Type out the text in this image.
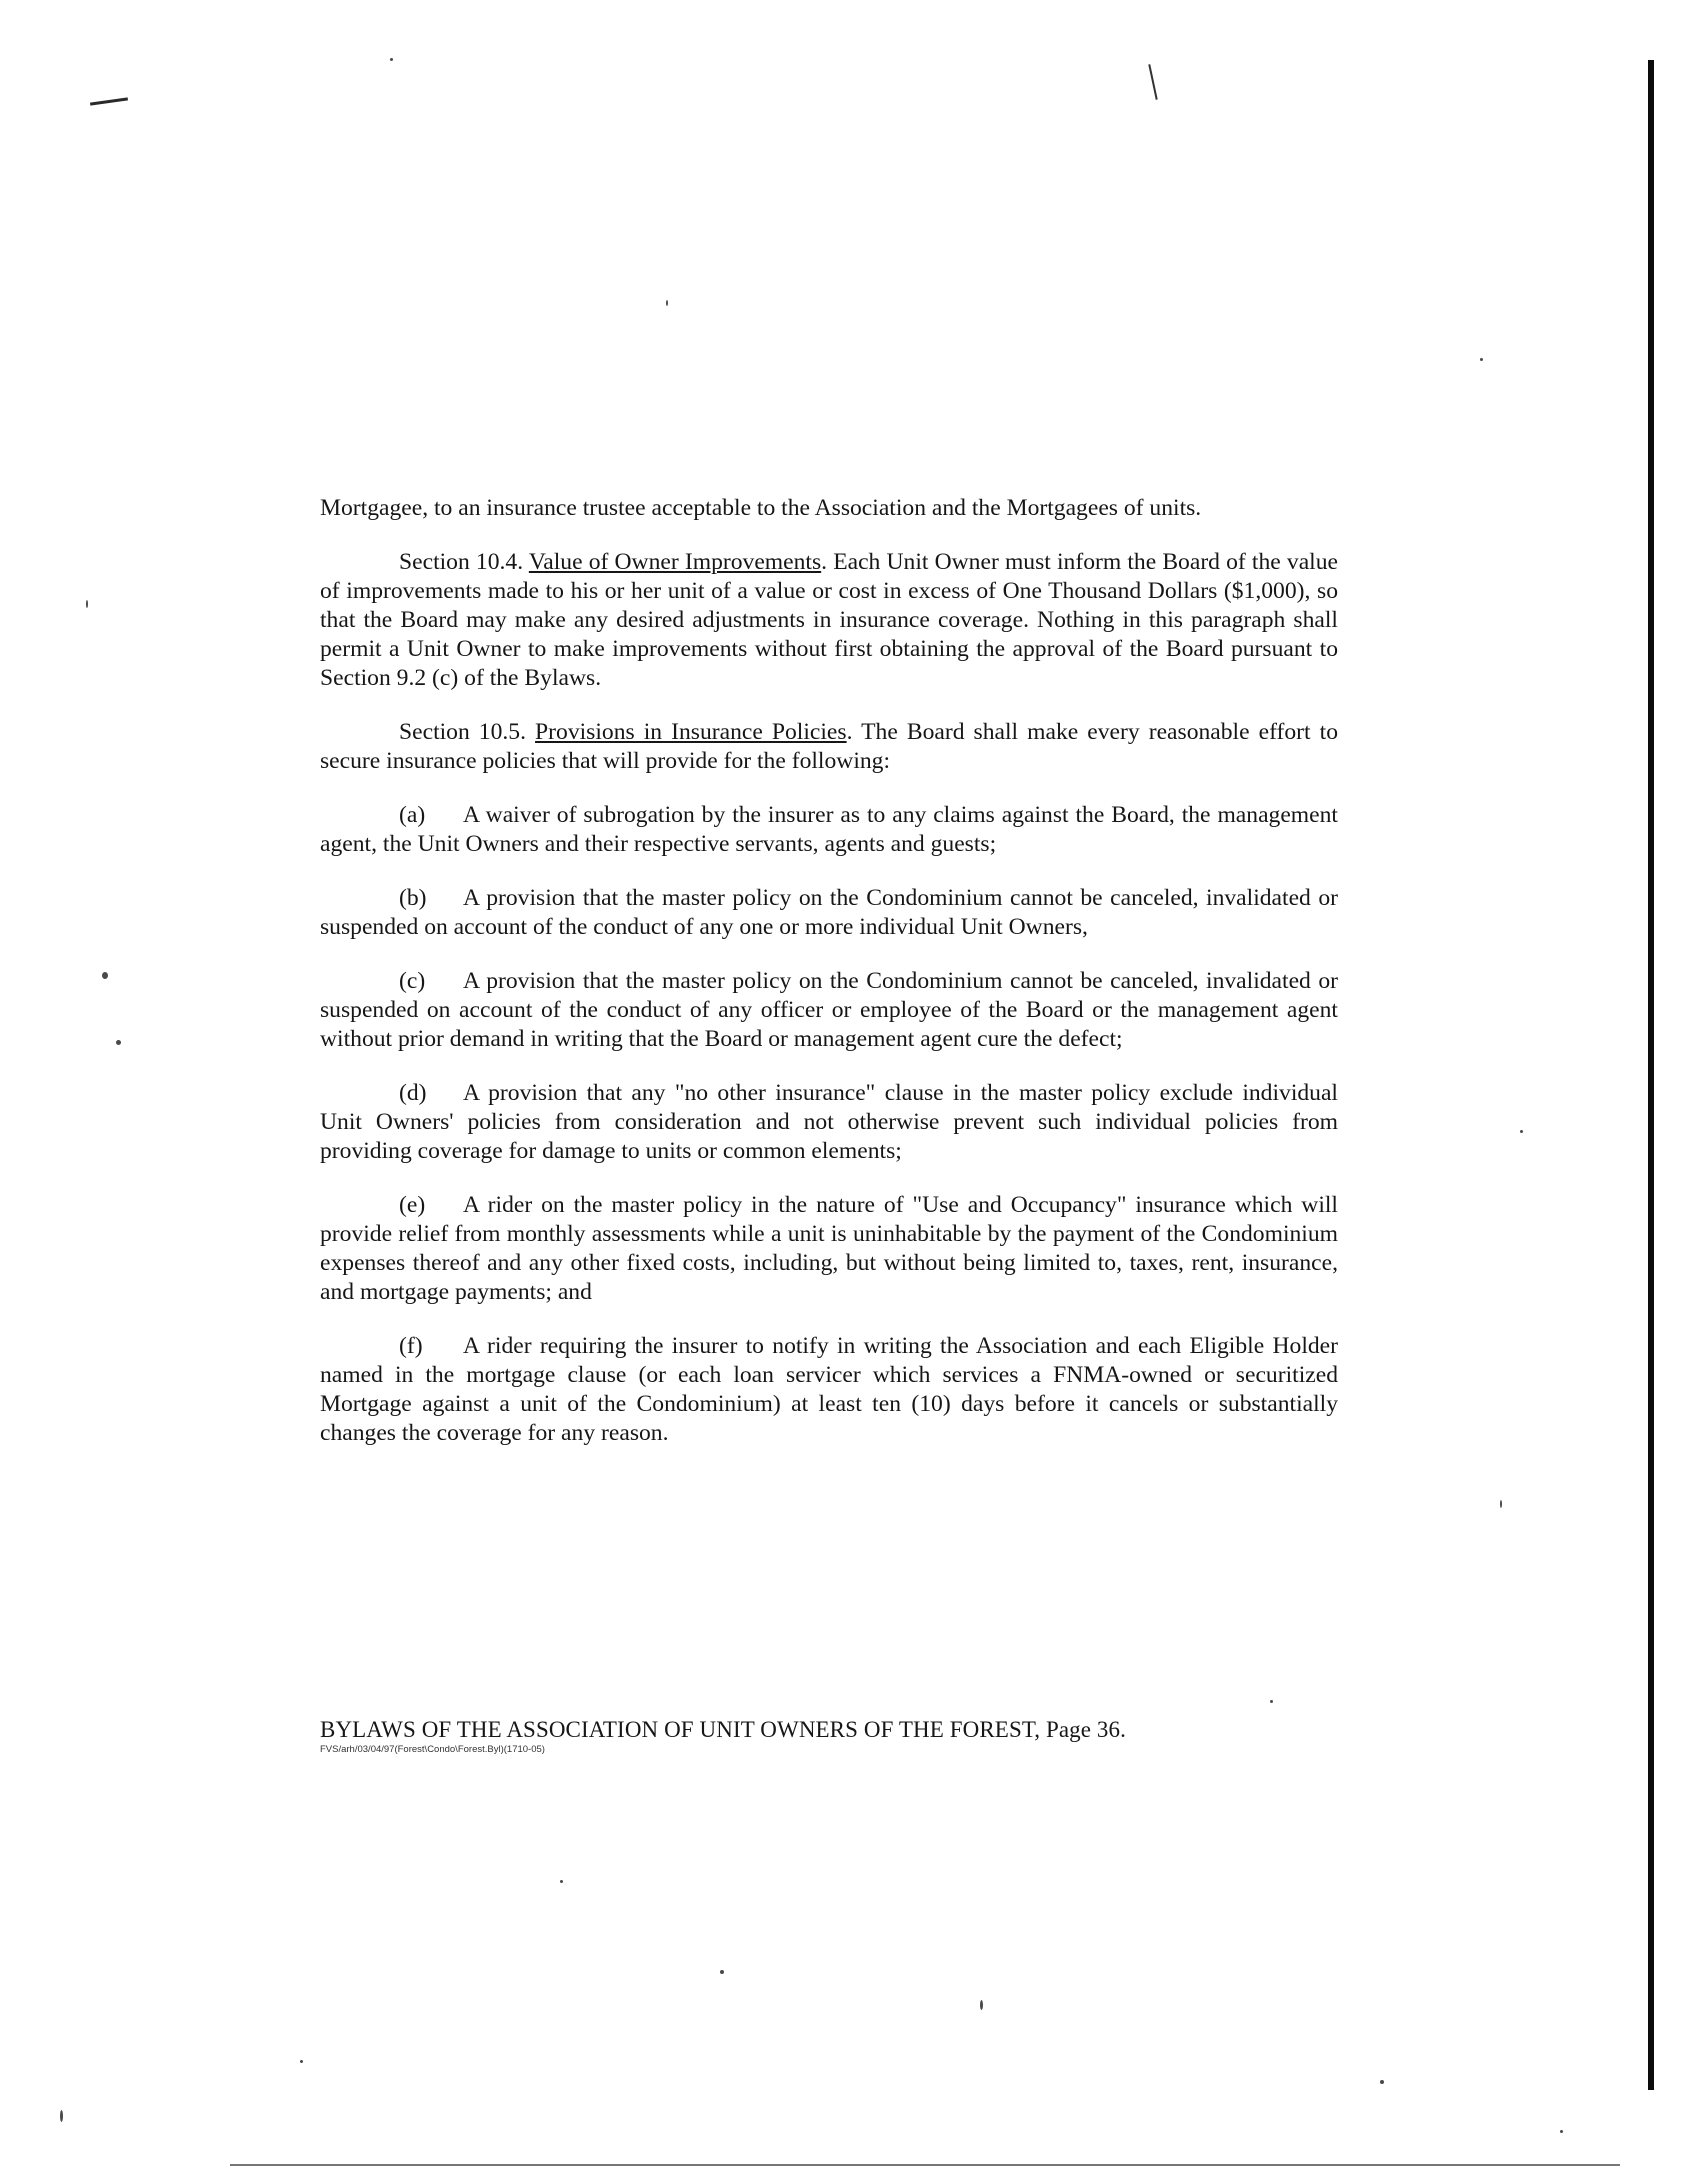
Mortgagee, to an insurance trustee acceptable to the Association and the Mortgagees of units.

Section 10.4. Value of Owner Improvements. Each Unit Owner must inform the Board of the value of improvements made to his or her unit of a value or cost in excess of One Thousand Dollars ($1,000), so that the Board may make any desired adjustments in insurance coverage. Nothing in this paragraph shall permit a Unit Owner to make improvements without first obtaining the approval of the Board pursuant to Section 9.2 (c) of the Bylaws.

Section 10.5. Provisions in Insurance Policies. The Board shall make every reasonable effort to secure insurance policies that will provide for the following:

(a) A waiver of subrogation by the insurer as to any claims against the Board, the management agent, the Unit Owners and their respective servants, agents and guests;

(b) A provision that the master policy on the Condominium cannot be canceled, invalidated or suspended on account of the conduct of any one or more individual Unit Owners,

(c) A provision that the master policy on the Condominium cannot be canceled, invalidated or suspended on account of the conduct of any officer or employee of the Board or the management agent without prior demand in writing that the Board or management agent cure the defect;

(d) A provision that any "no other insurance" clause in the master policy exclude individual Unit Owners' policies from consideration and not otherwise prevent such individual policies from providing coverage for damage to units or common elements;

(e) A rider on the master policy in the nature of "Use and Occupancy" insurance which will provide relief from monthly assessments while a unit is uninhabitable by the payment of the Condominium expenses thereof and any other fixed costs, including, but without being limited to, taxes, rent, insurance, and mortgage payments; and

(f) A rider requiring the insurer to notify in writing the Association and each Eligible Holder named in the mortgage clause (or each loan servicer which services a FNMA-owned or securitized Mortgage against a unit of the Condominium) at least ten (10) days before it cancels or substantially changes the coverage for any reason.

BYLAWS OF THE ASSOCIATION OF UNIT OWNERS OF THE FOREST, Page 36.
FVS/arh/03/04/97(Forest\Condo\Forest.Byl)(1710-05)
